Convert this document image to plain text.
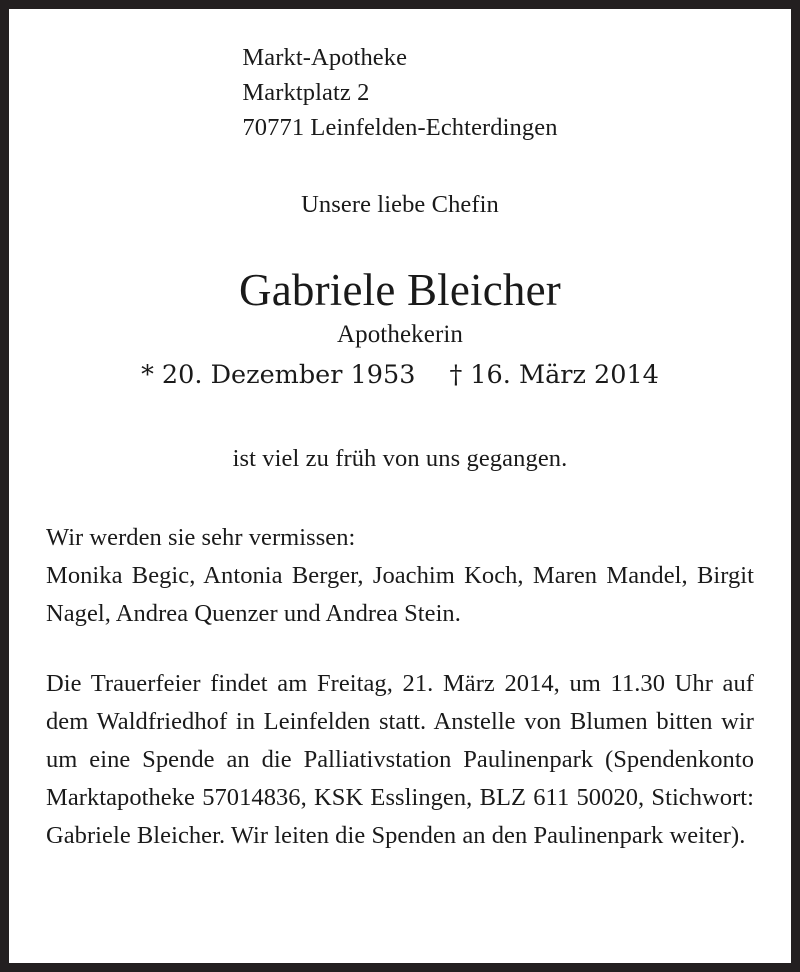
Markt-Apotheke
Marktplatz 2
70771 Leinfelden-Echterdingen
Unsere liebe Chefin
Gabriele Bleicher
Apothekerin
* 20. Dezember 1953 † 16. März 2014
ist viel zu früh von uns gegangen.

Wir werden sie sehr vermissen:
Monika Begic, Antonia Berger, Joachim Koch, Maren Mandel, Birgit Nagel, Andrea Quenzer und Andrea Stein.

Die Trauerfeier findet am Freitag, 21. März 2014, um 11.30 Uhr auf dem Waldfriedhof in Leinfelden statt. Anstelle von Blumen bitten wir um eine Spende an die Palliativstation Paulinenpark (Spendenkonto Marktapotheke 57014836, KSK Esslingen, BLZ 611 50020, Stichwort: Gabriele Bleicher. Wir leiten die Spenden an den Paulinenpark weiter).
